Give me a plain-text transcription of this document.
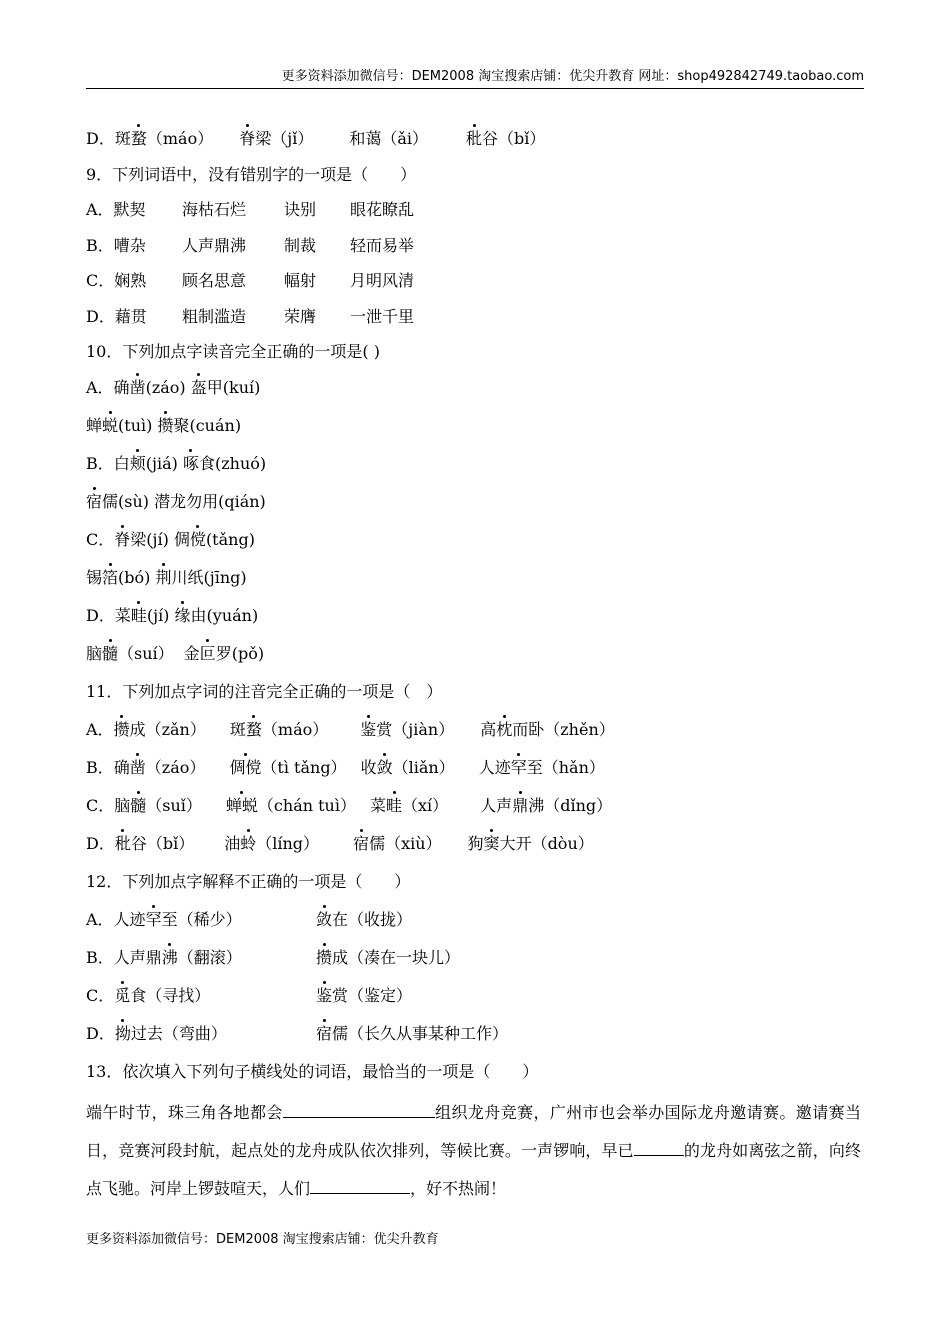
更多资料添加微信号：DEM2008 淘宝搜索店铺：优尖升教育 网址：shop492842749.taobao.com
D．斑蝥（máo） 脊梁（jǐ） 和蔼（ǎi） 秕谷（bǐ）
9．下列词语中，没有错别字的一项是（　　）
A．默契 海枯石烂 诀别 眼花瞭乱
B．嘈杂 人声鼎沸 制裁 轻而易举
C．娴熟 顾名思意 幅射 月明风清
D．藉贯 粗制滥造 荣膺 一泄千里
10．下列加点字读音完全正确的一项是( )
A．确凿(záo) 盔甲(kuí)
蝉蜕(tuì) 攒聚(cuán)
B．白颊(jiá) 啄食(zhuó)
宿儒(sù) 潜龙勿用(qián)
C．脊梁(jí) 倜傥(tǎng)
锡箔(bó) 荆川纸(jīng)
D．菜畦(jí) 缘由(yuán)
脑髓（suí） 金叵罗(pǒ)
11．下列加点字词的注音完全正确的一项是（　）
A．攒成（zǎn） 斑蝥（máo） 鉴赏（jiàn） 高枕而卧（zhěn）
B．确凿（záo） 倜傥（tì tǎng） 收敛（liǎn） 人迹罕至（hǎn）
C．脑髓（suǐ） 蝉蜕（chán tuì） 菜畦（xí） 人声鼎沸（dǐng）
D．秕谷（bǐ） 油蛉（líng） 宿儒（xiù） 狗窦大开（dòu）
12．下列加点字解释不正确的一项是（　　）
A．人迹罕至（稀少）	敛在（收拢）
B．人声鼎沸（翻滚）	攒成（凑在一块儿）
C．觅食（寻找）	鉴赏（鉴定）
D．拗过去（弯曲）	宿儒（长久从事某种工作）
13．依次填入下列句子横线处的词语，最恰当的一项是（　　）
端午时节，珠三角各地都会	组织龙舟竞赛，广州市也会举办国际龙舟邀请赛。邀请赛当日，竞赛河段封航，起点处的龙舟成队依次排列，等候比赛。一声锣响，早已	的龙舟如离弦之箭，向终点飞驰。河岸上锣鼓喧天，人们	，好不热闹！
更多资料添加微信号：DEM2008 淘宝搜索店铺：优尖升教育
